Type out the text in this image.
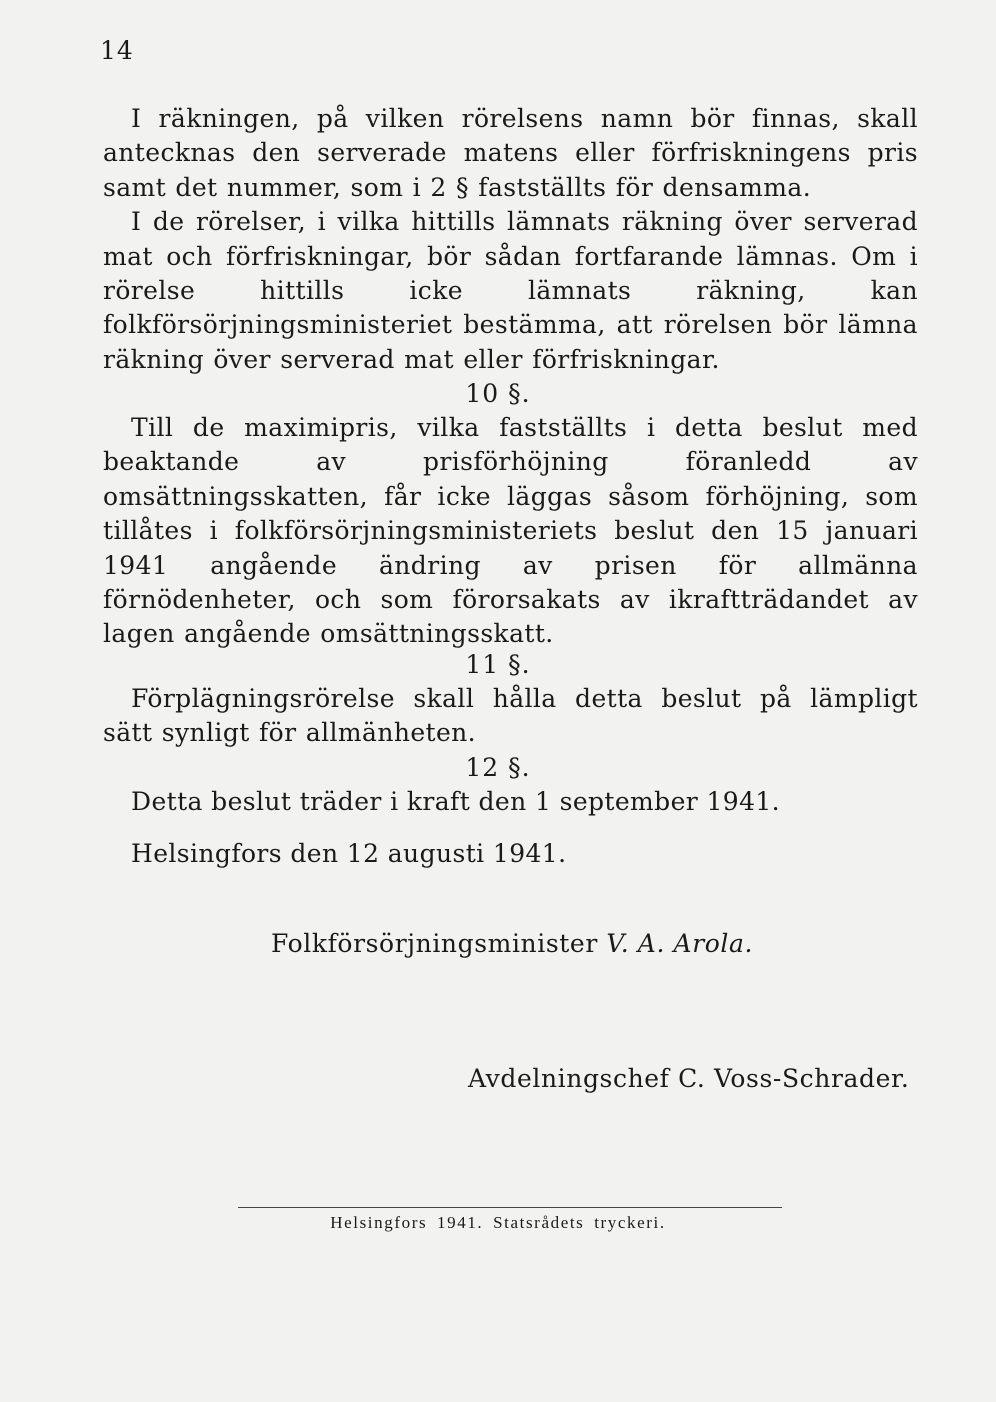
14

I räkningen, på vilken rörelsens namn bör finnas, skall antecknas den serverade matens eller förfriskningens pris samt det nummer, som i 2 § fastställts för densamma.

I de rörelser, i vilka hittills lämnats räkning över serverad mat och förfriskningar, bör sådan fortfarande lämnas. Om i rörelse hittills icke lämnats räkning, kan folkförsörjningsministeriet bestämma, att rörelsen bör lämna räkning över serverad mat eller förfriskningar.

10 §.

Till de maximipris, vilka fastställts i detta beslut med beaktande av prisförhöjning föranledd av omsättningsskatten, får icke läggas såsom förhöjning, som tillåtes i folkförsörjningsministeriets beslut den 15 januari 1941 angående ändring av prisen för allmänna förnödenheter, och som förorsakats av ikraftträdandet av lagen angående omsättningsskatt.

11 §.

Förplägningsrörelse skall hålla detta beslut på lämpligt sätt synligt för allmänheten.

12 §.
Detta beslut träder i kraft den 1 september 1941.
Helsingfors den 12 augusti 1941.
Folkförsörjningsminister V. A. Arola.
Avdelningschef C. Voss-Schrader.
Helsingfors 1941. Statsrådets tryckeri.
